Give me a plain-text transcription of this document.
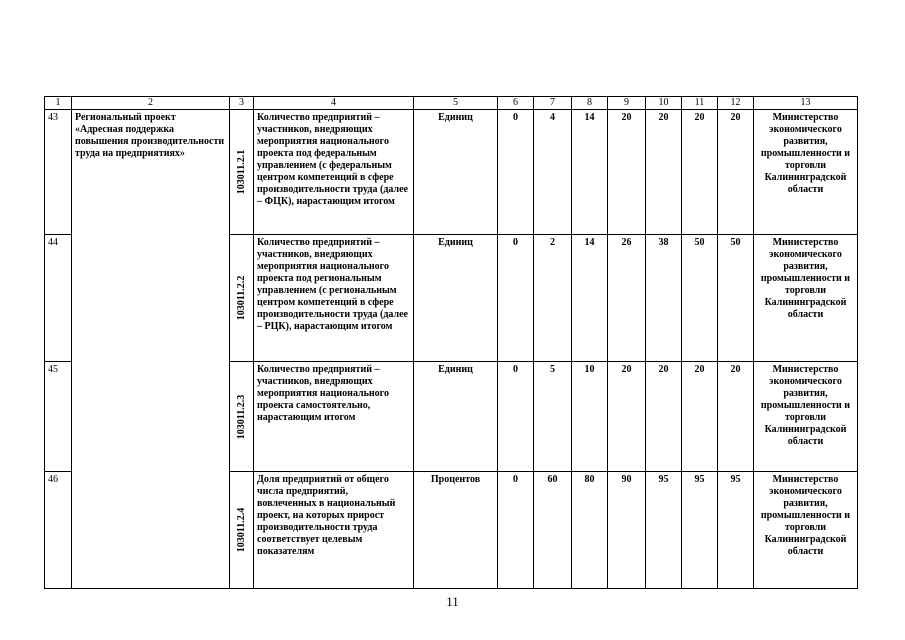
1	2	3	4	5	6	7	8	9	10	11	12	13
43	Региональный проект «Адресная поддержка повышения производительности труда на предприятиях»	103011.2.1	Количество предприятий – участников, внедряющих мероприятия национального проекта под федеральным управлением (с федеральным центром компетенций в сфере производительности труда (далее – ФЦК), нарастающим итогом	Единиц	0	4	14	20	20	20	20	Министерство экономического развития, промышленности и торговли Калининградской области
44		103011.2.2	Количество предприятий – участников, внедряющих мероприятия национального проекта под региональным управлением (с региональным центром компетенций в сфере производительности труда (далее – РЦК), нарастающим итогом	Единиц	0	2	14	26	38	50	50	Министерство экономического развития, промышленности и торговли Калининградской области
45		103011.2.3	Количество предприятий – участников, внедряющих мероприятия национального проекта самостоятельно, нарастающим итогом	Единиц	0	5	10	20	20	20	20	Министерство экономического развития, промышленности и торговли Калининградской области
46		103011.2.4	Доля предприятий от общего числа предприятий, вовлеченных в национальный проект, на которых прирост производительности труда соответствует целевым показателям	Процентов	0	60	80	90	95	95	95	Министерство экономического развития, промышленности и торговли Калининградской области
11
